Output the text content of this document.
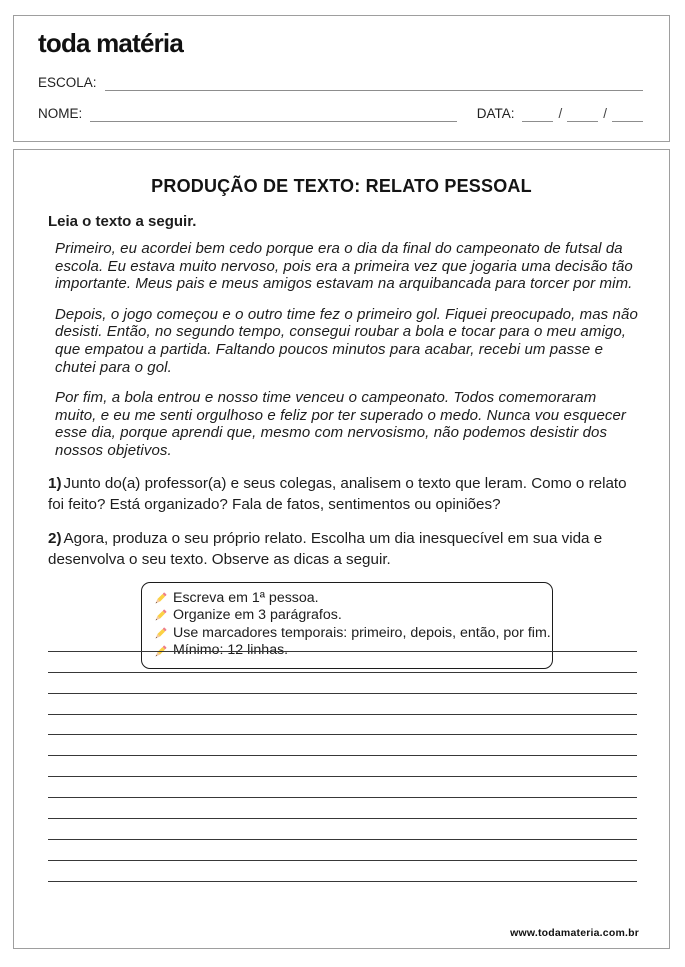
toda matéria
ESCOLA:
NOME:	DATA:	/	/
PRODUÇÃO DE TEXTO: RELATO PESSOAL
Leia o texto a seguir.

Primeiro, eu acordei bem cedo porque era o dia da final do campeonato de futsal da escola. Eu estava muito nervoso, pois era a primeira vez que jogaria uma decisão tão importante. Meus pais e meus amigos estavam na arquibancada para torcer por mim.

Depois, o jogo começou e o outro time fez o primeiro gol. Fiquei preocupado, mas não desisti. Então, no segundo tempo, consegui roubar a bola e tocar para o meu amigo, que empatou a partida. Faltando poucos minutos para acabar, recebi um passe e chutei para o gol.

Por fim, a bola entrou e nosso time venceu o campeonato. Todos comemoraram muito, e eu me senti orgulhoso e feliz por ter superado o medo. Nunca vou esquecer esse dia, porque aprendi que, mesmo com nervosismo, não podemos desistir dos nossos objetivos.

1) Junto do(a) professor(a) e seus colegas, analisem o texto que leram. Como o relato foi feito? Está organizado? Fala de fatos, sentimentos ou opiniões?
2) Agora, produza o seu próprio relato. Escolha um dia inesquecível em sua vida e desenvolva o seu texto. Observe as dicas a seguir.
Escreva em 1ª pessoa.
Organize em 3 parágrafos.
Use marcadores temporais: primeiro, depois, então, por fim.
Mínimo: 12 linhas.
www.todamateria.com.br
